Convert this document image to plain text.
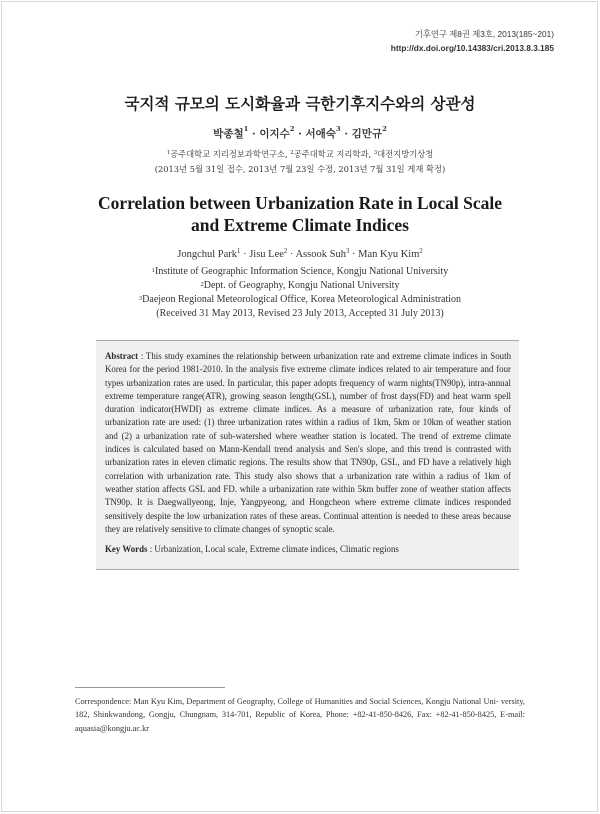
기후연구 제8권 제3호, 2013(185~201)
http://dx.doi.org/10.14383/cri.2013.8.3.185
국지적 규모의 도시화율과 극한기후지수와의 상관성
박종철$^1$ · 이지수$^2$ · 서애숙$^3$ · 김만규$^2$
$^1$공주대학교 지리정보과학연구소, $^2$공주대학교 지리학과, $^3$대전지방기상청
(2013년 5월 31일 접수, 2013년 7월 23일 수정, 2013년 7월 31일 게재 확정)
Correlation between Urbanization Rate in Local Scale
and Extreme Climate Indices
Jongchul Park$^1$ · Jisu Lee$^2$ · Assook Suh$^3$ · Man Kyu Kim$^2$
$^1$Institute of Geographic Information Science, Kongju National University
$^2$Dept. of Geography, Kongju National University
$^3$Daejeon Regional Meteorological Office, Korea Meteorological Administration
(Received 31 May 2013, Revised 23 July 2013, Accepted 31 July 2013)

Abstract : This study examines the relationship between urbanization rate and extreme climate indices in South Korea for the period 1981-2010. In the analysis five extreme climate indices related to air temperature and four types urbanization rates are used. In particular, this paper adopts frequency of warm nights(TN90p), intra-annual extreme temperature range(ATR), growing season length(GSL), number of frost days(FD) and heat warm spell duration indicator(HWDI) as extreme climate indices. As a measure of urbanization rate, four kinds of urbanization rate are used: (1) three urbanization rates within a radius of 1km, 5km or 10km of weather station and (2) a urbanization rate of sub-watershed where weather station is located. The trend of extreme climate indices is calculated based on Mann-Kendall trend analysis and Sen's slope, and this trend is contrasted with urbanization rates in eleven climatic regions. The results show that TN90p, GSL, and FD have a relatively high correlation with urbanization rate. This study also shows that a urbanization rate within a radius of 1km of weather station affects GSL and FD. while a urbanization rate within 5km buffer zone of weather station affects TN90p. It is Daegwallyeong, Inje, Yangpyeong, and Hongcheon where extreme climate indices responded sensitively despite the low urbanization rates of these areas. Continual attention is needed to these areas because they are relatively sensitive to climate changes of synoptic scale.

Key Words : Urbanization, Local scale, Extreme climate indices, Climatic regions

Correspondence: Man Kyu Kim, Department of Geography, College of Humanities and Social Sciences, Kongju National Uni- versity, 182, Shinkwandong, Gongju, Chungnam, 314-701, Republic of Korea, Phone: +82-41-850-8426, Fax: +82-41-850-8425, E-mail: aquasia@kongju.ac.kr
